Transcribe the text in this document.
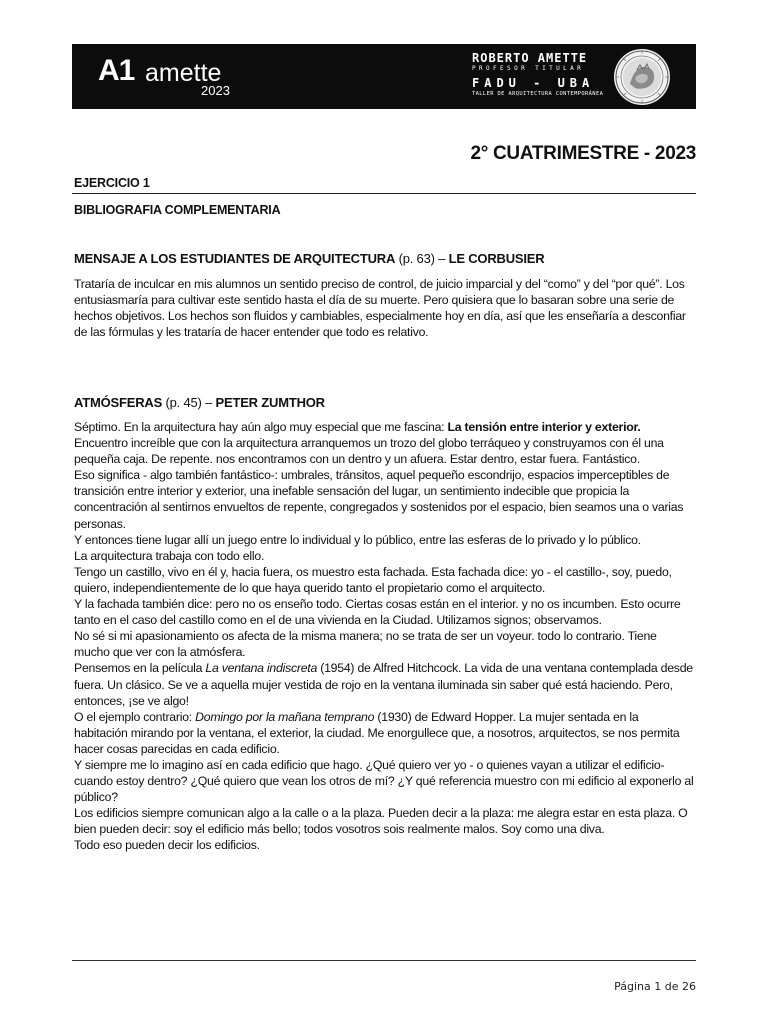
A1 amette
2023
ROBERTO AMETTE
PROFESOR TITULAR
FADU - UBA
TALLER DE ARQUITECTURA CONTEMPORÁNEA
2° CUATRIMESTRE - 2023
EJERCICIO 1
BIBLIOGRAFIA COMPLEMENTARIA
MENSAJE A LOS ESTUDIANTES DE ARQUITECTURA (p. 63) – LE CORBUSIER

Trataría de inculcar en mis alumnos un sentido preciso de control, de juicio imparcial y del “como” y del “por qué”. Los entusiasmaría para cultivar este sentido hasta el día de su muerte. Pero quisiera que lo basaran sobre una serie de hechos objetivos. Los hechos son fluidos y cambiables, especialmente hoy en día, así que les enseñaría a desconfiar de las fórmulas y les trataría de hacer entender que todo es relativo.

ATMÓSFERAS (p. 45) – PETER ZUMTHOR

Séptimo. En la arquitectura hay aún algo muy especial que me fascina: La tensión entre interior y exterior. Encuentro increíble que con la arquitectura arranquemos un trozo del globo terráqueo y construyamos con él una pequeña caja. De repente. nos encontramos con un dentro y un afuera. Estar dentro, estar fuera. Fantástico.

Eso significa - algo también fantástico-: umbrales, tránsitos, aquel pequeño escondrijo, espacios imperceptibles de transición entre interior y exterior, una inefable sensación del lugar, un sentimiento indecible que propicia la concentración al sentirnos envueltos de repente, congregados y sostenidos por el espacio, bien seamos una o varias personas.

Y entonces tiene lugar allí un juego entre lo individual y lo público, entre las esferas de lo privado y lo público.

La arquitectura trabaja con todo ello.

Tengo un castillo, vivo en él y, hacia fuera, os muestro esta fachada. Esta fachada dice: yo - el castillo-, soy, puedo, quiero, independientemente de lo que haya querido tanto el propietario como el arquitecto.

Y la fachada también dice: pero no os enseño todo. Ciertas cosas están en el interior. y no os incumben. Esto ocurre tanto en el caso del castillo como en el de una vivienda en la Ciudad. Utilizamos signos; observamos.

No sé si mi apasionamiento os afecta de la misma manera; no se trata de ser un voyeur. todo lo contrario. Tiene mucho que ver con la atmósfera.

Pensemos en la película La ventana indiscreta (1954) de Alfred Hitchcock. La vida de una ventana contemplada desde fuera. Un clásico. Se ve a aquella mujer vestida de rojo en la ventana iluminada sin saber qué está haciendo. Pero, entonces, ¡se ve algo!

O el ejemplo contrario: Domingo por la mañana temprano (1930) de Edward Hopper. La mujer sentada en la habitación mirando por la ventana, el exterior, la ciudad. Me enorgullece que, a nosotros, arquitectos, se nos permita hacer cosas parecidas en cada edificio.

Y siempre me lo imagino así en cada edificio que hago. ¿Qué quiero ver yo - o quienes vayan a utilizar el edificio- cuando estoy dentro? ¿Qué quiero que vean los otros de mí? ¿Y qué referencia muestro con mi edificio al exponerlo al público?

Los edificios siempre comunican algo a la calle o a la plaza. Pueden decir a la plaza: me alegra estar en esta plaza. O bien pueden decir: soy el edificio más bello; todos vosotros sois realmente malos. Soy como una diva.

Todo eso pueden decir los edificios.

Página 1 de 26
